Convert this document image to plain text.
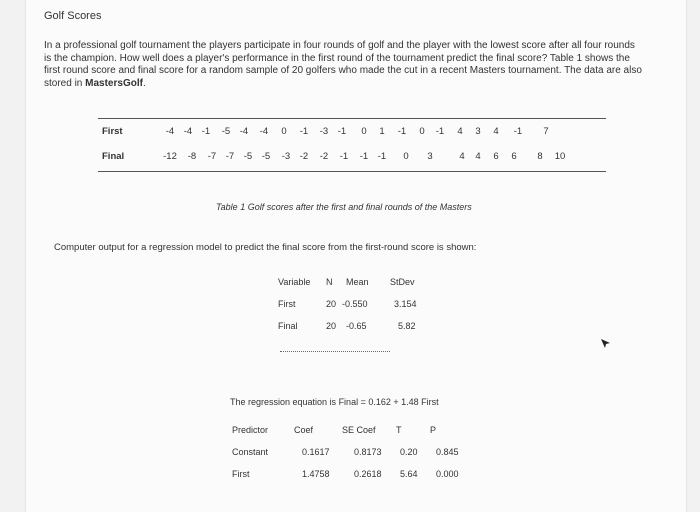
Golf Scores
In a professional golf tournament the players participate in four rounds of golf and the player with the lowest score after all four rounds is the champion. How well does a player's performance in the first round of the tournament predict the final score? Table 1 shows the first round score and final score for a random sample of 20 golfers who made the cut in a recent Masters tournament. The data are also stored in MastersGolf.
First	-4	-4	-1	-5	-4	-4	0	-1	-3	-1	0	1	-1	0	-1	4	3	4	-1	7
Final	-12	-8	-7	-7	-5	-5	-3	-2	-2	-1	-1	-1	0	3	4	4	6	6	8	10
Table 1 Golf scores after the first and final rounds of the Masters
Computer output for a regression model to predict the final score from the first-round score is shown:
The regression equation is Final = 0.162 + 1.48 First
Variable N Mean StDev
First	20 -0.550	3.154
Final	20 -0.65	5.82
Predictor	Coef	SE Coef T	P
Constant	0.1617	0.8173 0.20 0.845
First	1.4758	0.2618 5.64 0.000
